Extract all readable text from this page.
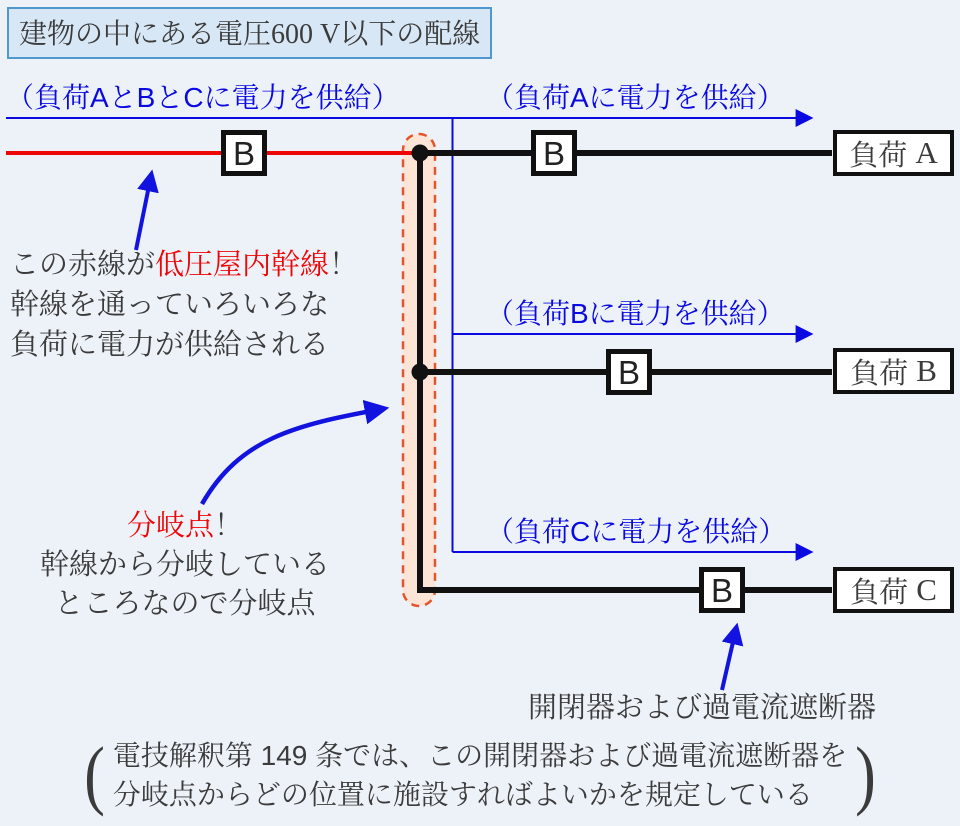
建物の中にある電圧600 V以下の配線
（負荷AとBとCに電力を供給）	（負荷Aに電力を供給）
（負荷Bに電力を供給）
（負荷Cに電力を供給）
B	B
B
B
負荷
A
負荷
B
負荷
C
この赤線が低圧屋内幹線！
幹線を通っていろいろな
負荷に電力が供給される
分岐点！
幹線から分岐している
ところなので分岐点
開閉器および過電流遮断器
( 電技解釈第 149 条では、この開閉器および過電流遮断器を
分岐点からどの位置に施設すればよいかを規定している )
